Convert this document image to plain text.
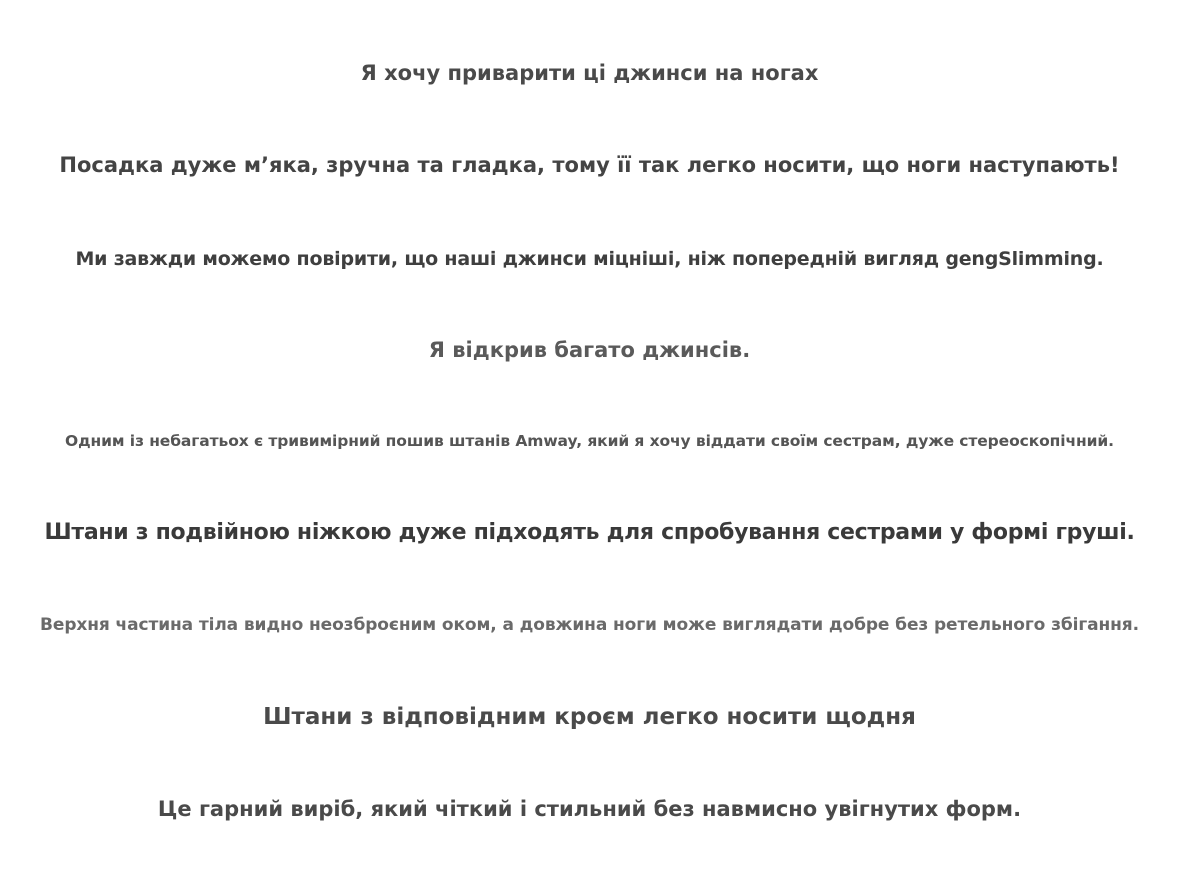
Я хочу приварити ці джинси на ногах
Посадка дуже м’яка, зручна та гладка, тому її так легко носити, що ноги наступають!
Ми завжди можемо повірити, що наші джинси міцніші, ніж попередній вигляд gengSlimming.
Я відкрив багато джинсів.
Одним із небагатьох є тривимірний пошив штанів Amway, який я хочу віддати своїм сестрам, дуже стереоскопічний.
Штани з подвійною ніжкою дуже підходять для спробування сестрами у формі груші.
Верхня частина тіла видно неозброєним оком, а довжина ноги може виглядати добре без ретельного збігання.
Штани з відповідним кроєм легко носити щодня
Це гарний виріб, який чіткий і стильний без навмисно увігнутих форм.
